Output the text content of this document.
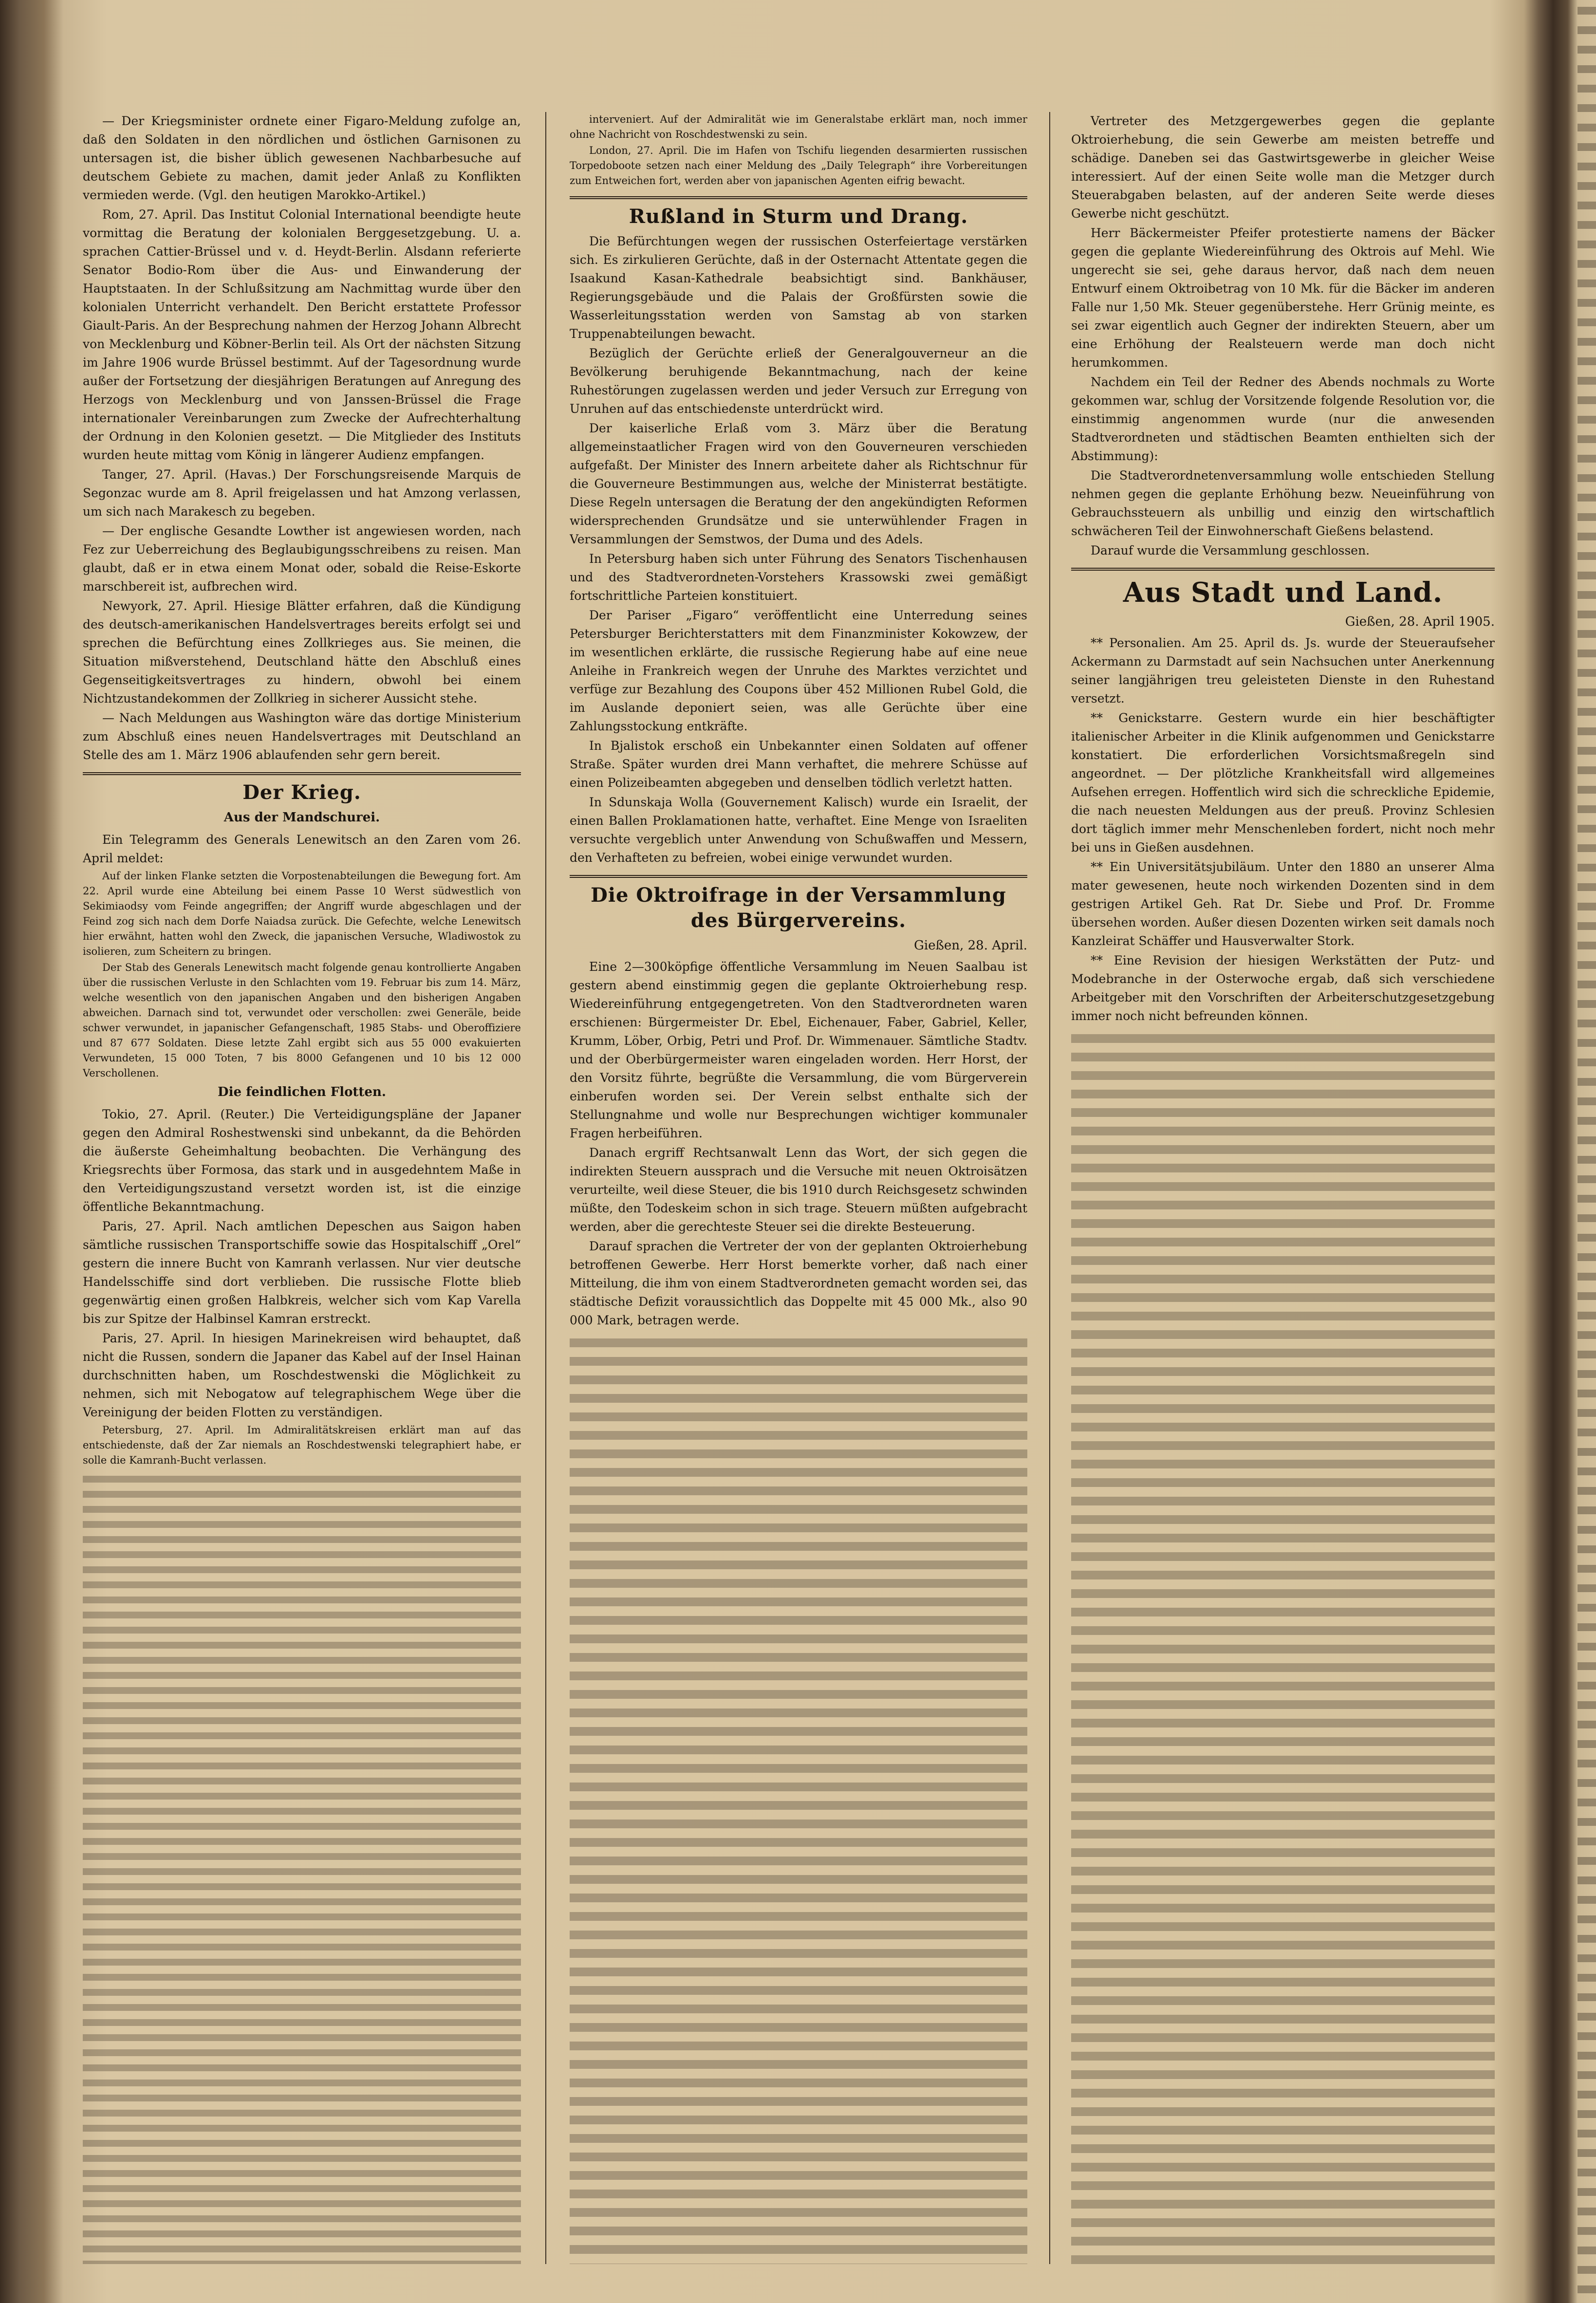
— Der Kriegsminister ordnete einer Figaro-Meldung zufolge an, daß den Soldaten in den nördlichen und östlichen Garnisonen zu untersagen ist, die bisher üblich gewesenen Nachbarbesuche auf deutschem Gebiete zu machen, damit jeder Anlaß zu Konflikten vermieden werde. (Vgl. den heutigen Marokko-Artikel.)

Rom, 27. April. Das Institut Colonial International beendigte heute vormittag die Beratung der kolonialen Berggesetzgebung. U. a. sprachen Cattier-Brüssel und v. d. Heydt-Berlin. Alsdann referierte Senator Bodio-Rom über die Aus- und Einwanderung der Hauptstaaten. In der Schlußsitzung am Nachmittag wurde über den kolonialen Unterricht verhandelt. Den Bericht erstattete Professor Giault-Paris. An der Besprechung nahmen der Herzog Johann Albrecht von Mecklenburg und Köbner-Berlin teil. Als Ort der nächsten Sitzung im Jahre 1906 wurde Brüssel bestimmt. Auf der Tagesordnung wurde außer der Fortsetzung der diesjährigen Beratungen auf Anregung des Herzogs von Mecklenburg und von Janssen-Brüssel die Frage internationaler Vereinbarungen zum Zwecke der Aufrechterhaltung der Ordnung in den Kolonien gesetzt. — Die Mitglieder des Instituts wurden heute mittag vom König in längerer Audienz empfangen.

Tanger, 27. April. (Havas.) Der Forschungsreisende Marquis de Segonzac wurde am 8. April freigelassen und hat Amzong verlassen, um sich nach Marakesch zu begeben.

— Der englische Gesandte Lowther ist angewiesen worden, nach Fez zur Ueberreichung des Beglaubigungsschreibens zu reisen. Man glaubt, daß er in etwa einem Monat oder, sobald die Reise-Eskorte marschbereit ist, aufbrechen wird.

Newyork, 27. April. Hiesige Blätter erfahren, daß die Kündigung des deutsch-amerikanischen Handelsvertrages bereits erfolgt sei und sprechen die Befürchtung eines Zollkrieges aus. Sie meinen, die Situation mißverstehend, Deutschland hätte den Abschluß eines Gegenseitigkeitsvertrages zu hindern, obwohl bei einem Nichtzustandekommen der Zollkrieg in sicherer Aussicht stehe.

— Nach Meldungen aus Washington wäre das dortige Ministerium zum Abschluß eines neuen Handelsvertrages mit Deutschland an Stelle des am 1. März 1906 ablaufenden sehr gern bereit.

Der Krieg.
Aus der Mandschurei.

Ein Telegramm des Generals Lenewitsch an den Zaren vom 26. April meldet:

Auf der linken Flanke setzten die Vorpostenabteilungen die Bewegung fort. Am 22. April wurde eine Abteilung bei einem Passe 10 Werst südwestlich von Sekimiaodsy vom Feinde angegriffen; der Angriff wurde abgeschlagen und der Feind zog sich nach dem Dorfe Naiadsa zurück. Die Gefechte, welche Lenewitsch hier erwähnt, hatten wohl den Zweck, die japanischen Versuche, Wladiwostok zu isolieren, zum Scheitern zu bringen.

Der Stab des Generals Lenewitsch macht folgende genau kontrollierte Angaben über die russischen Verluste in den Schlachten vom 19. Februar bis zum 14. März, welche wesentlich von den japanischen Angaben und den bisherigen Angaben abweichen. Darnach sind tot, verwundet oder verschollen: zwei Generäle, beide schwer verwundet, in japanischer Gefangenschaft, 1985 Stabs- und Oberoffiziere und 87 677 Soldaten. Diese letzte Zahl ergibt sich aus 55 000 evakuierten Verwundeten, 15 000 Toten, 7 bis 8000 Gefangenen und 10 bis 12 000 Verschollenen.

Die feindlichen Flotten.

Tokio, 27. April. (Reuter.) Die Verteidigungspläne der Japaner gegen den Admiral Roshestwenski sind unbekannt, da die Behörden die äußerste Geheimhaltung beobachten. Die Verhängung des Kriegsrechts über Formosa, das stark und in ausgedehntem Maße in den Verteidigungszustand versetzt worden ist, ist die einzige öffentliche Bekanntmachung.

Paris, 27. April. Nach amtlichen Depeschen aus Saigon haben sämtliche russischen Transportschiffe sowie das Hospitalschiff „Orel“ gestern die innere Bucht von Kamranh verlassen. Nur vier deutsche Handelsschiffe sind dort verblieben. Die russische Flotte blieb gegenwärtig einen großen Halbkreis, welcher sich vom Kap Varella bis zur Spitze der Halbinsel Kamran erstreckt.

Paris, 27. April. In hiesigen Marinekreisen wird behauptet, daß nicht die Russen, sondern die Japaner das Kabel auf der Insel Hainan durchschnitten haben, um Roschdestwenski die Möglichkeit zu nehmen, sich mit Nebogatow auf telegraphischem Wege über die Vereinigung der beiden Flotten zu verständigen.

Petersburg, 27. April. Im Admiralitätskreisen erklärt man auf das entschiedenste, daß der Zar niemals an Roschdestwenski telegraphiert habe, er solle die Kamranh-Bucht verlassen.

interveniert. Auf der Admiralität wie im Generalstabe erklärt man, noch immer ohne Nachricht von Roschdestwenski zu sein.

London, 27. April. Die im Hafen von Tschifu liegenden desarmierten russischen Torpedoboote setzen nach einer Meldung des „Daily Telegraph“ ihre Vorbereitungen zum Entweichen fort, werden aber von japanischen Agenten eifrig bewacht.

Rußland in Sturm und Drang.

Die Befürchtungen wegen der russischen Osterfeiertage verstärken sich. Es zirkulieren Gerüchte, daß in der Osternacht Attentate gegen die Isaakund Kasan-Kathedrale beabsichtigt sind. Bankhäuser, Regierungsgebäude und die Palais der Großfürsten sowie die Wasserleitungsstation werden von Samstag ab von starken Truppenabteilungen bewacht.

Bezüglich der Gerüchte erließ der Generalgouverneur an die Bevölkerung beruhigende Bekanntmachung, nach der keine Ruhestörungen zugelassen werden und jeder Versuch zur Erregung von Unruhen auf das entschiedenste unterdrückt wird.

Der kaiserliche Erlaß vom 3. März über die Beratung allgemeinstaatlicher Fragen wird von den Gouverneuren verschieden aufgefaßt. Der Minister des Innern arbeitete daher als Richtschnur für die Gouverneure Bestimmungen aus, welche der Ministerrat bestätigte. Diese Regeln untersagen die Beratung der den angekündigten Reformen widersprechenden Grundsätze und sie unterwühlender Fragen in Versammlungen der Semstwos, der Duma und des Adels.

In Petersburg haben sich unter Führung des Senators Tischenhausen und des Stadtverordneten-Vorstehers Krassowski zwei gemäßigt fortschrittliche Parteien konstituiert.

Der Pariser „Figaro“ veröffentlicht eine Unterredung seines Petersburger Berichterstatters mit dem Finanzminister Kokowzew, der im wesentlichen erklärte, die russische Regierung habe auf eine neue Anleihe in Frankreich wegen der Unruhe des Marktes verzichtet und verfüge zur Bezahlung des Coupons über 452 Millionen Rubel Gold, die im Auslande deponiert seien, was alle Gerüchte über eine Zahlungsstockung entkräfte.

In Bjalistok erschoß ein Unbekannter einen Soldaten auf offener Straße. Später wurden drei Mann verhaftet, die mehrere Schüsse auf einen Polizeibeamten abgegeben und denselben tödlich verletzt hatten.

In Sdunskaja Wolla (Gouvernement Kalisch) wurde ein Israelit, der einen Ballen Proklamationen hatte, verhaftet. Eine Menge von Israeliten versuchte vergeblich unter Anwendung von Schußwaffen und Messern, den Verhafteten zu befreien, wobei einige verwundet wurden.

Die Oktroifrage in der Versammlung des Bürgervereins.
Gießen, 28. April.

Eine 2—300köpfige öffentliche Versammlung im Neuen Saalbau ist gestern abend einstimmig gegen die geplante Oktroierhebung resp. Wiedereinführung entgegengetreten. Von den Stadtverordneten waren erschienen: Bürgermeister Dr. Ebel, Eichenauer, Faber, Gabriel, Keller, Krumm, Löber, Orbig, Petri und Prof. Dr. Wimmenauer. Sämtliche Stadtv. und der Oberbürgermeister waren eingeladen worden. Herr Horst, der den Vorsitz führte, begrüßte die Versammlung, die vom Bürgerverein einberufen worden sei. Der Verein selbst enthalte sich der Stellungnahme und wolle nur Besprechungen wichtiger kommunaler Fragen herbeiführen.

Danach ergriff Rechtsanwalt Lenn das Wort, der sich gegen die indirekten Steuern aussprach und die Versuche mit neuen Oktroisätzen verurteilte, weil diese Steuer, die bis 1910 durch Reichsgesetz schwinden müßte, den Todeskeim schon in sich trage. Steuern müßten aufgebracht werden, aber die gerechteste Steuer sei die direkte Besteuerung.

Darauf sprachen die Vertreter der von der geplanten Oktroierhebung betroffenen Gewerbe. Herr Horst bemerkte vorher, daß nach einer Mitteilung, die ihm von einem Stadtverordneten gemacht worden sei, das städtische Defizit voraussichtlich das Doppelte mit 45 000 Mk., also 90 000 Mark, betragen werde.

Vertreter des Metzgergewerbes gegen die geplante Oktroierhebung, die sein Gewerbe am meisten betreffe und schädige. Daneben sei das Gastwirtsgewerbe in gleicher Weise interessiert. Auf der einen Seite wolle man die Metzger durch Steuerabgaben belasten, auf der anderen Seite werde dieses Gewerbe nicht geschützt.

Herr Bäckermeister Pfeifer protestierte namens der Bäcker gegen die geplante Wiedereinführung des Oktrois auf Mehl. Wie ungerecht sie sei, gehe daraus hervor, daß nach dem neuen Entwurf einem Oktroibetrag von 10 Mk. für die Bäcker im anderen Falle nur 1,50 Mk. Steuer gegenüberstehe. Herr Grünig meinte, es sei zwar eigentlich auch Gegner der indirekten Steuern, aber um eine Erhöhung der Realsteuern werde man doch nicht herumkommen.

Nachdem ein Teil der Redner des Abends nochmals zu Worte gekommen war, schlug der Vorsitzende folgende Resolution vor, die einstimmig angenommen wurde (nur die anwesenden Stadtverordneten und städtischen Beamten enthielten sich der Abstimmung):

Die Stadtverordnetenversammlung wolle entschieden Stellung nehmen gegen die geplante Erhöhung bezw. Neueinführung von Gebrauchssteuern als unbillig und einzig den wirtschaftlich schwächeren Teil der Einwohnerschaft Gießens belastend.

Darauf wurde die Versammlung geschlossen.

Aus Stadt und Land.
Gießen, 28. April 1905.

** Personalien. Am 25. April ds. Js. wurde der Steueraufseher Ackermann zu Darmstadt auf sein Nachsuchen unter Anerkennung seiner langjährigen treu geleisteten Dienste in den Ruhestand versetzt.

** Genickstarre. Gestern wurde ein hier beschäftigter italienischer Arbeiter in die Klinik aufgenommen und Genickstarre konstatiert. Die erforderlichen Vorsichtsmaßregeln sind angeordnet. — Der plötzliche Krankheitsfall wird allgemeines Aufsehen erregen. Hoffentlich wird sich die schreckliche Epidemie, die nach neuesten Meldungen aus der preuß. Provinz Schlesien dort täglich immer mehr Menschenleben fordert, nicht noch mehr bei uns in Gießen ausdehnen.

** Ein Universitätsjubiläum. Unter den 1880 an unserer Alma mater gewesenen, heute noch wirkenden Dozenten sind in dem gestrigen Artikel Geh. Rat Dr. Siebe und Prof. Dr. Fromme übersehen worden. Außer diesen Dozenten wirken seit damals noch Kanzleirat Schäffer und Hausverwalter Stork.

** Eine Revision der hiesigen Werkstätten der Putz- und Modebranche in der Osterwoche ergab, daß sich verschiedene Arbeitgeber mit den Vorschriften der Arbeiterschutzgesetzgebung immer noch nicht befreunden können.
